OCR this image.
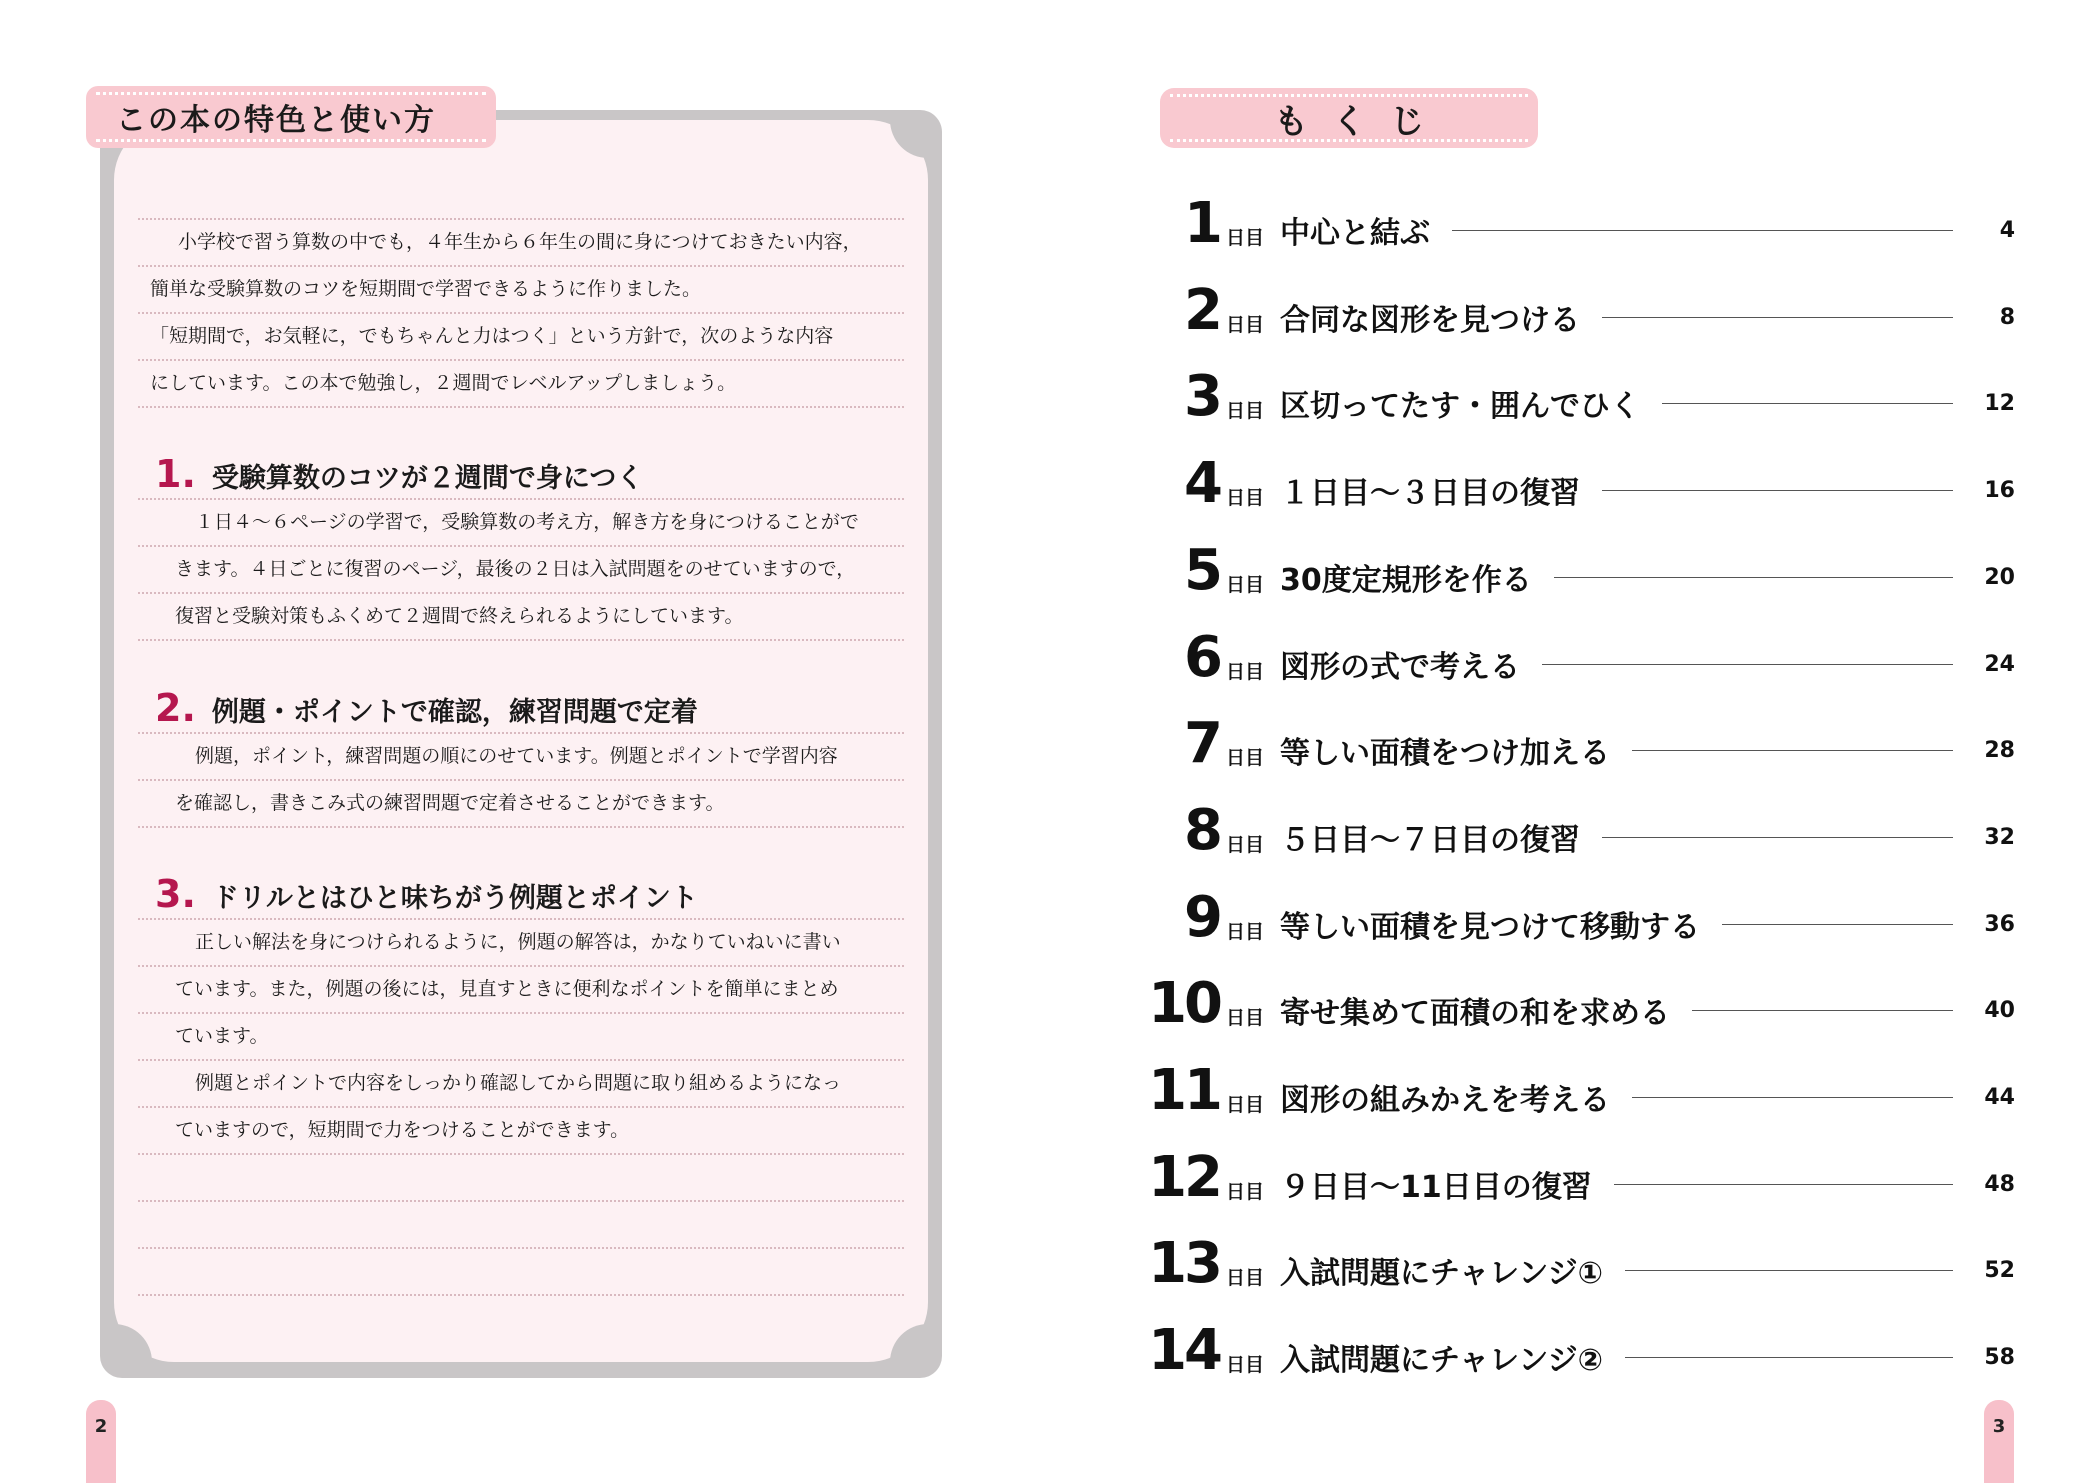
この本の特色と使い方

小学校で習う算数の中でも，４年生から６年生の間に身につけておきたい内容，

簡単な受験算数のコツを短期間で学習できるように作りました。

「短期間で，お気軽に，でもちゃんと力はつく」という方針で，次のような内容

にしています。この本で勉強し，２週間でレベルアップしましょう。

1. 受験算数のコツが２週間で身につく

１日４〜６ページの学習で，受験算数の考え方，解き方を身につけることがで

きます。４日ごとに復習のページ，最後の２日は入試問題をのせていますので，

復習と受験対策もふくめて２週間で終えられるようにしています。

2. 例題・ポイントで確認，練習問題で定着

例題，ポイント，練習問題の順にのせています。例題とポイントで学習内容

を確認し，書きこみ式の練習問題で定着させることができます。

3. ドリルとはひと味ちがう例題とポイント

正しい解法を身につけられるように，例題の解答は，かなりていねいに書い

ています。また，例題の後には，見直すときに便利なポイントを簡単にまとめ

ています。

例題とポイントで内容をしっかり確認してから問題に取り組めるようになっ

ていますので，短期間で力をつけることができます。

2
もくじ
1 日目 中心と結ぶ	4
2 日目 合同な図形を見つける	8
3 日目 区切ってたす・囲んでひく	12
4 日目 １日目〜３日目の復習	16
5 日目 30度定規形を作る	20
6 日目 図形の式で考える	24
7 日目 等しい面積をつけ加える	28
8 日目 ５日目〜７日目の復習	32
9 日目 等しい面積を見つけて移動する	36
10 日目 寄せ集めて面積の和を求める	40
11 日目 図形の組みかえを考える	44
12 日目 ９日目〜11日目の復習	48
13 日目 入試問題にチャレンジ①	52
14 日目 入試問題にチャレンジ②	58
3
